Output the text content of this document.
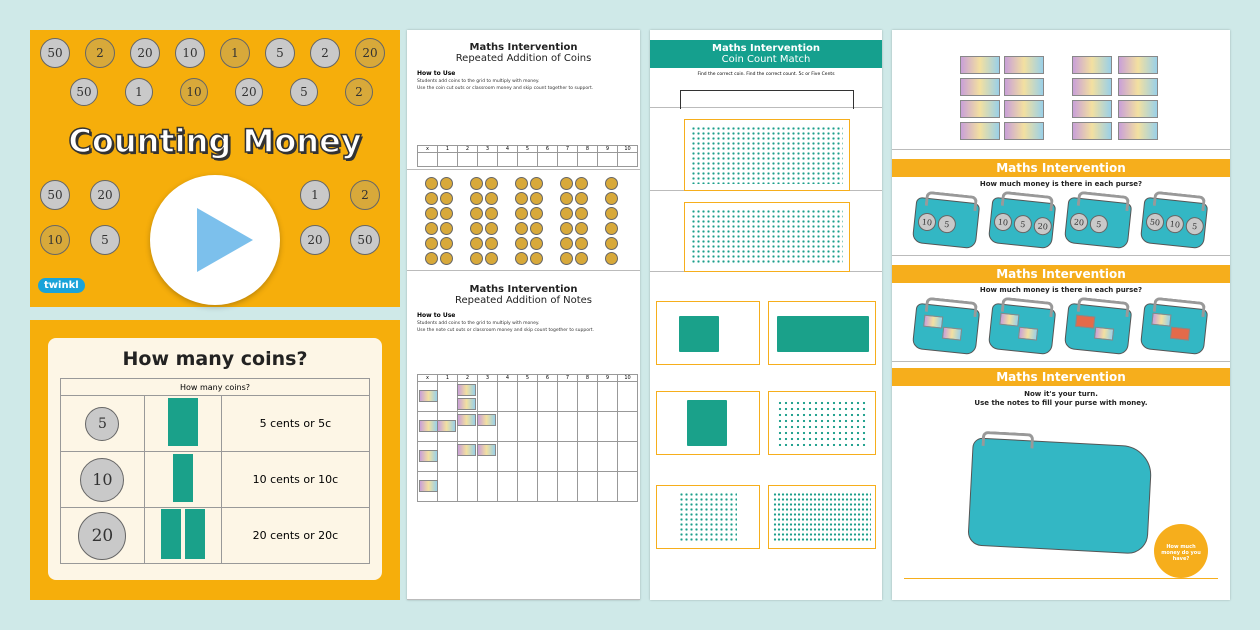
50	2	20	10	1	5	2	20
50	1	10	20	5	2
50	20
10	5
1	2
20	50
Counting Money
twinkl
How many coins?
How many coins?		
5		5 cents or 5c
10		10 cents or 10c
20		20 cents or 20c
Maths Intervention
Repeated Addition of Coins
How to Use
Students add coins to the grid to multiply with money.
Use the coin cut outs or classroom money and skip count together to support.
x	1	2	3	4	5	6	7	8	9	10

Maths Intervention
Repeated Addition of Notes
How to Use
Students add coins to the grid to multiply with money.
Use the note cut outs or classroom money and skip count together to support.
x	1	2	3	4	5	6	7	8	9	10

Maths Intervention
Coin Count Match
Find the correct coin. Find the correct count. 5c or Five Cents
Maths Intervention
How much money is there in each purse?
10	5	10	5	20	20	5	50	10	5
Maths Intervention
How much money is there in each purse?
Maths Intervention
Now it's your turn.
Use the notes to fill your purse with money.
How much money do you have?
